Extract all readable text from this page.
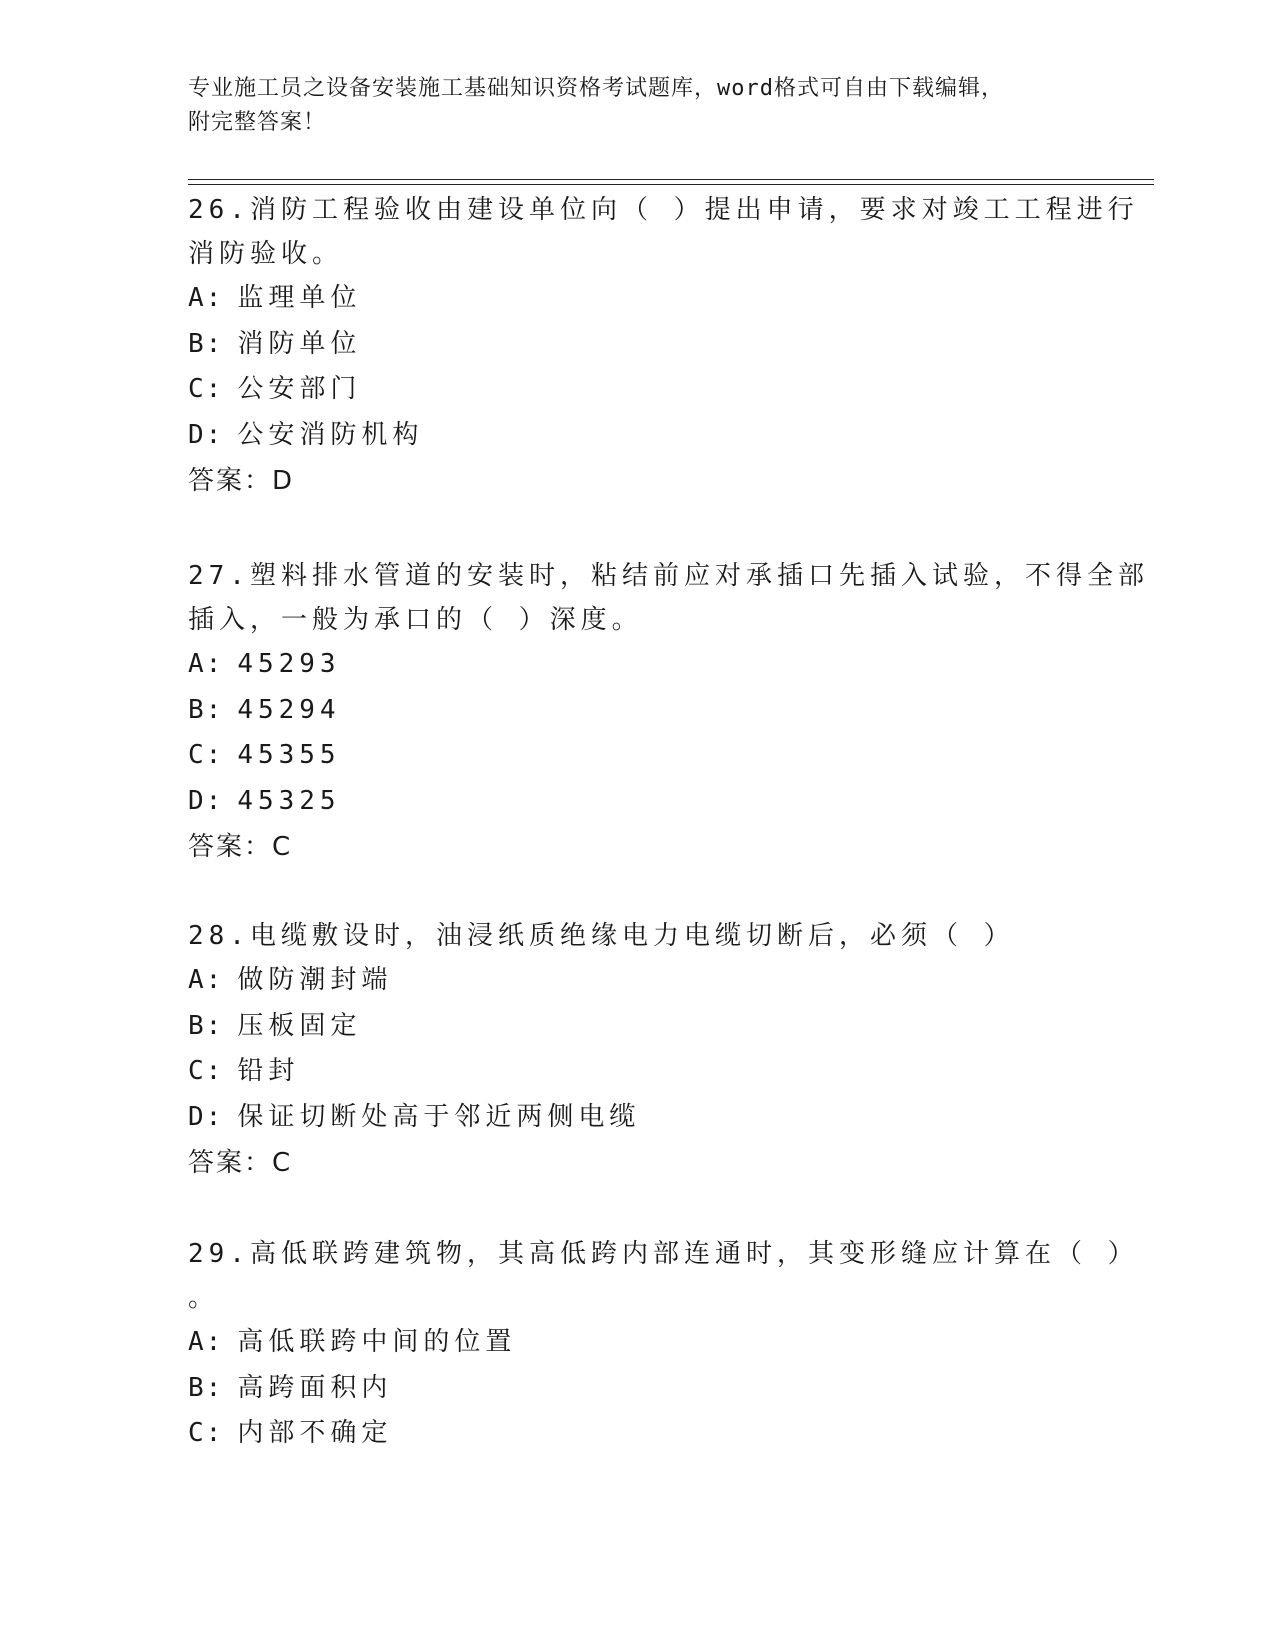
专业施工员之设备安装施工基础知识资格考试题库，word格式可自由下载编辑，
附完整答案！
26.消防工程验收由建设单位向（ ）提出申请，要求对竣工工程进行
消防验收。
A: 监理单位
B: 消防单位
C: 公安部门
D: 公安消防机构
答案：D
27.塑料排水管道的安装时，粘结前应对承插口先插入试验，不得全部
插入，一般为承口的（ ）深度。
A: 45293
B: 45294
C: 45355
D: 45325
答案：C
28.电缆敷设时，油浸纸质绝缘电力电缆切断后，必须（ ）
A: 做防潮封端
B: 压板固定
C: 铅封
D: 保证切断处高于邻近两侧电缆
答案：C
29.高低联跨建筑物，其高低跨内部连通时，其变形缝应计算在（ ）
。
A: 高低联跨中间的位置
B: 高跨面积内
C: 内部不确定
